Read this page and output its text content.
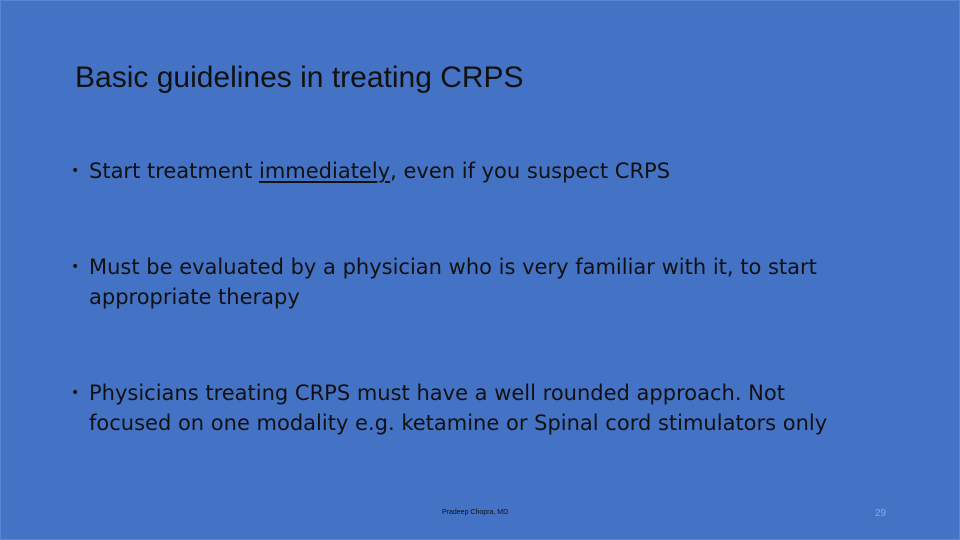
Basic guidelines in treating CRPS
• Start treatment immediately, even if you suspect CRPS
• Must be evaluated by a physician who is very familiar with it, to start appropriate therapy
• Physicians treating CRPS must have a well rounded approach. Not focused on one modality e.g. ketamine or Spinal cord stimulators only
Pradeep Chopra, MD	29
